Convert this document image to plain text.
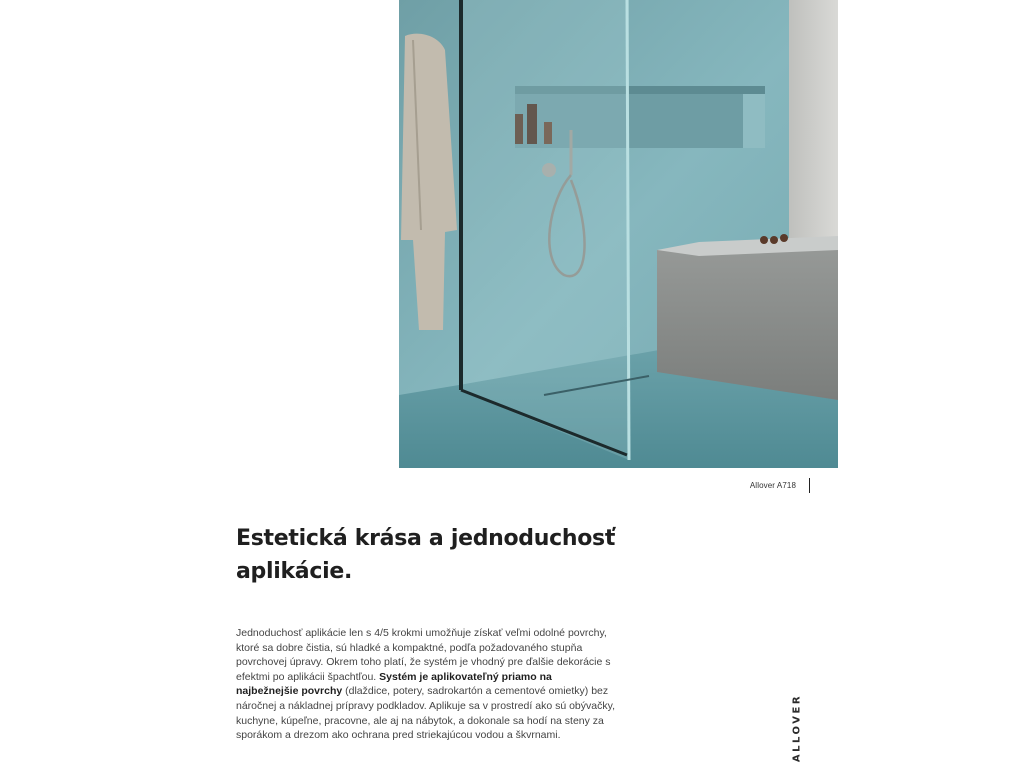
Allover A718
Estetická krása a jednoduchosť
aplikácie.

Jednoduchosť aplikácie len s 4/5 krokmi umožňuje získať veľmi odolné povrchy, ktoré sa dobre čistia, sú hladké a kompaktné, podľa požadovaného stupňa povrchovej úpravy. Okrem toho platí, že systém je vhodný pre ďalšie dekorácie s efektmi po aplikácii špachtľou. Systém je aplikovateľný priamo na najbežnejšie povrchy (dlaždice, potery, sadrokartón a cementové omietky) bez náročnej a nákladnej prípravy podkladov. Aplikuje sa v prostredí ako sú obývačky, kuchyne, kúpeľne, pracovne, ale aj na nábytok, a dokonale sa hodí na steny za sporákom a drezom ako ochrana pred striekajúcou vodou a škvrnami.	ALLOVER
